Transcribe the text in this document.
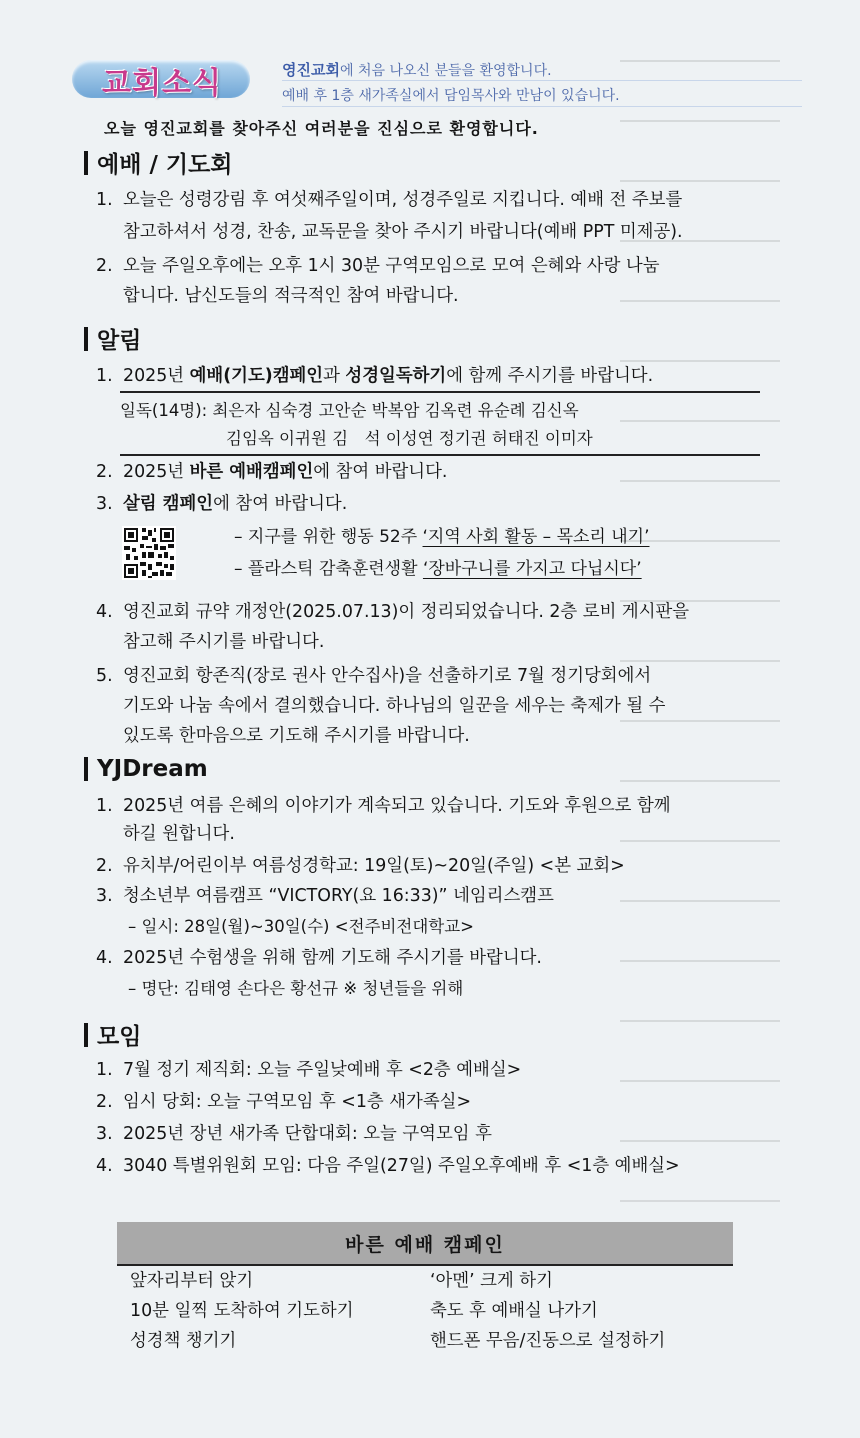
교회소식	영진교회에 처음 나오신 분들을 환영합니다.
예배 후 1층 새가족실에서 담임목사와 만남이 있습니다.
오늘 영진교회를 찾아주신 여러분을 진심으로 환영합니다.
예배 / 기도회
1. 오늘은 성령강림 후 여섯째주일이며, 성경주일로 지킵니다. 예배 전 주보를
참고하셔서 성경, 찬송, 교독문을 찾아 주시기 바랍니다(예배 PPT 미제공).
2. 오늘 주일오후에는 오후 1시 30분 구역모임으로 모여 은혜와 사랑 나눔
합니다. 남신도들의 적극적인 참여 바랍니다.
알림
1. 2025년 예배(기도)캠페인과 성경일독하기에 함께 주시기를 바랍니다.
일독(14명): 최은자 심숙경 고안순 박복암 김옥련 유순례 김신옥
김임옥 이귀원 김　석 이성연 정기권 허태진 이미자
2. 2025년 바른 예배캠페인에 참여 바랍니다.
3. 살림 캠페인에 참여 바랍니다.
– 지구를 위한 행동 52주 ‘지역 사회 활동 – 목소리 내기’
– 플라스틱 감축훈련생활 ‘장바구니를 가지고 다닙시다’
4. 영진교회 규약 개정안(2025.07.13)이 정리되었습니다. 2층 로비 게시판을
참고해 주시기를 바랍니다.
5. 영진교회 항존직(장로 권사 안수집사)을 선출하기로 7월 정기당회에서
기도와 나눔 속에서 결의했습니다. 하나님의 일꾼을 세우는 축제가 될 수
있도록 한마음으로 기도해 주시기를 바랍니다.
YJDream
1. 2025년 여름 은혜의 이야기가 계속되고 있습니다. 기도와 후원으로 함께
하길 원합니다.
2. 유치부/어린이부 여름성경학교: 19일(토)~20일(주일) <본 교회>
3. 청소년부 여름캠프 “VICTORY(요 16:33)” 네임리스캠프
– 일시: 28일(월)~30일(수) <전주비전대학교>
4. 2025년 수험생을 위해 함께 기도해 주시기를 바랍니다.
– 명단: 김태영 손다은 황선규 ※ 청년들을 위해
모임
1. 7월 정기 제직회: 오늘 주일낮예배 후 <2층 예배실>
2. 임시 당회: 오늘 구역모임 후 <1층 새가족실>
3. 2025년 장년 새가족 단합대회: 오늘 구역모임 후
4. 3040 특별위원회 모임: 다음 주일(27일) 주일오후예배 후 <1층 예배실>
바른 예배 캠페인
앞자리부터 앉기
10분 일찍 도착하여 기도하기
성경책 챙기기
‘아멘’ 크게 하기
축도 후 예배실 나가기
핸드폰 무음/진동으로 설정하기
